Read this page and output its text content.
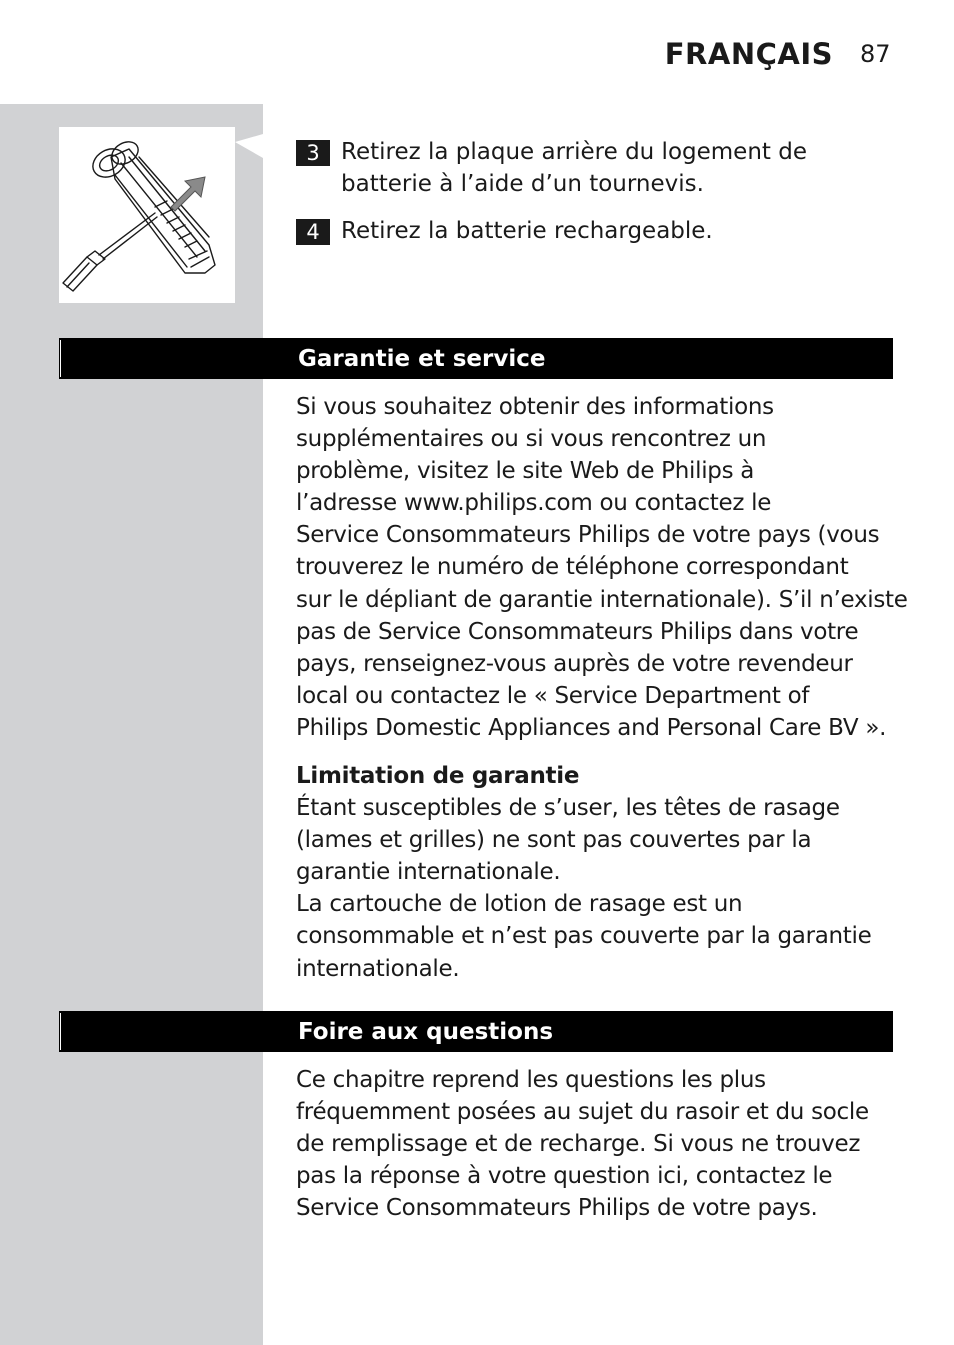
FRANÇAIS 87
3 Retirez la plaque arrière du logement de
batterie à l’aide d’un tournevis.
4 Retirez la batterie rechargeable.
Garantie et service
Si vous souhaitez obtenir des informations
supplémentaires ou si vous rencontrez un
problème, visitez le site Web de Philips à
l’adresse www.philips.com ou contactez le
Service Consommateurs Philips de votre pays (vous
trouverez le numéro de téléphone correspondant
sur le dépliant de garantie internationale). S’il n’existe
pas de Service Consommateurs Philips dans votre
pays, renseignez-vous auprès de votre revendeur
local ou contactez le « Service Department of
Philips Domestic Appliances and Personal Care BV ».
Limitation de garantie
Étant susceptibles de s’user, les têtes de rasage
(lames et grilles) ne sont pas couvertes par la
garantie internationale.
La cartouche de lotion de rasage est un
consommable et n’est pas couverte par la garantie
internationale.
Foire aux questions
Ce chapitre reprend les questions les plus
fréquemment posées au sujet du rasoir et du socle
de remplissage et de recharge. Si vous ne trouvez
pas la réponse à votre question ici, contactez le
Service Consommateurs Philips de votre pays.
